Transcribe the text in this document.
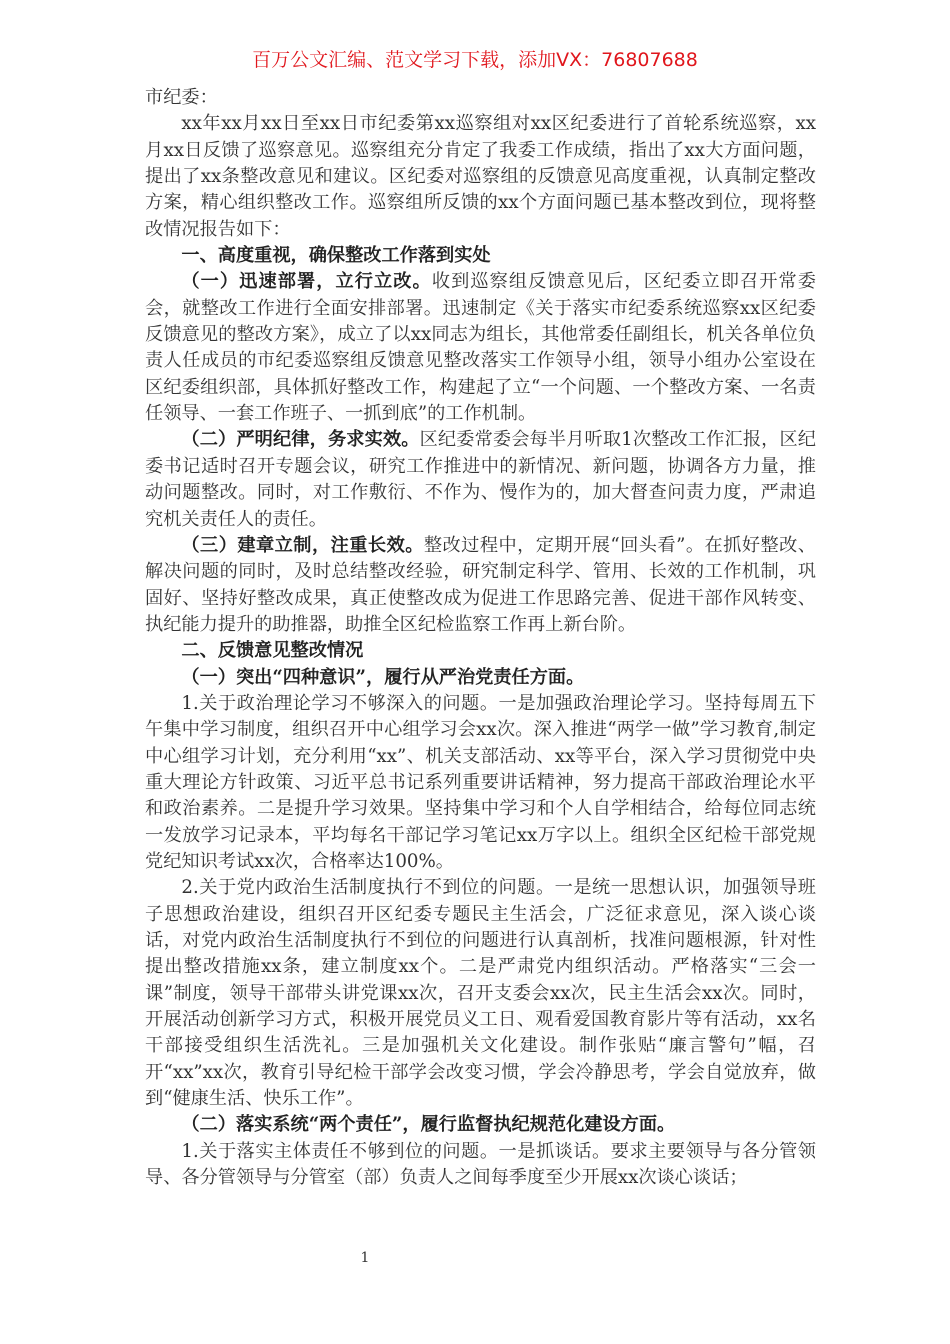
百万公文汇编、范文学习下载，添加VX：76807688

市纪委：

xx年xx月xx日至xx日市纪委第xx巡察组对xx区纪委进行了首轮系统巡察，xx月xx日反馈了巡察意见。巡察组充分肯定了我委工作成绩，指出了xx大方面问题，提出了xx条整改意见和建议。区纪委对巡察组的反馈意见高度重视，认真制定整改方案，精心组织整改工作。巡察组所反馈的xx个方面问题已基本整改到位，现将整改情况报告如下：

一、高度重视，确保整改工作落到实处

（一）迅速部署，立行立改。收到巡察组反馈意见后，区纪委立即召开常委会，就整改工作进行全面安排部署。迅速制定《关于落实市纪委系统巡察xx区纪委反馈意见的整改方案》，成立了以xx同志为组长，其他常委任副组长，机关各单位负责人任成员的市纪委巡察组反馈意见整改落实工作领导小组，领导小组办公室设在区纪委组织部，具体抓好整改工作，构建起了立“一个问题、一个整改方案、一名责任领导、一套工作班子、一抓到底”的工作机制。

（二）严明纪律，务求实效。区纪委常委会每半月听取1次整改工作汇报，区纪委书记适时召开专题会议，研究工作推进中的新情况、新问题，协调各方力量，推动问题整改。同时，对工作敷衍、不作为、慢作为的，加大督查问责力度，严肃追究机关责任人的责任。

（三）建章立制，注重长效。整改过程中，定期开展“回头看”。在抓好整改、解决问题的同时，及时总结整改经验，研究制定科学、管用、长效的工作机制，巩固好、坚持好整改成果，真正使整改成为促进工作思路完善、促进干部作风转变、执纪能力提升的助推器，助推全区纪检监察工作再上新台阶。

二、反馈意见整改情况

（一）突出“四种意识”，履行从严治党责任方面。

1.关于政治理论学习不够深入的问题。一是加强政治理论学习。坚持每周五下午集中学习制度，组织召开中心组学习会xx次。深入推进“两学一做”学习教育,制定中心组学习计划，充分利用“xx”、机关支部活动、xx等平台，深入学习贯彻党中央重大理论方针政策、习近平总书记系列重要讲话精神，努力提高干部政治理论水平和政治素养。二是提升学习效果。坚持集中学习和个人自学相结合，给每位同志统一发放学习记录本，平均每名干部记学习笔记xx万字以上。组织全区纪检干部党规党纪知识考试xx次，合格率达100%。

2.关于党内政治生活制度执行不到位的问题。一是统一思想认识，加强领导班子思想政治建设，组织召开区纪委专题民主生活会，广泛征求意见，深入谈心谈话，对党内政治生活制度执行不到位的问题进行认真剖析，找准问题根源，针对性提出整改措施xx条，建立制度xx个。二是严肃党内组织活动。严格落实“三会一课”制度，领导干部带头讲党课xx次，召开支委会xx次，民主生活会xx次。同时，开展活动创新学习方式，积极开展党员义工日、观看爱国教育影片等有活动，xx名干部接受组织生活洗礼。三是加强机关文化建设。制作张贴“廉言警句”幅，召开“xx”xx次，教育引导纪检干部学会改变习惯，学会冷静思考，学会自觉放弃，做到“健康生活、快乐工作”。

（二）落实系统“两个责任”，履行监督执纪规范化建设方面。

1.关于落实主体责任不够到位的问题。一是抓谈话。要求主要领导与各分管领导、各分管领导与分管室（部）负责人之间每季度至少开展xx次谈心谈话；

1
